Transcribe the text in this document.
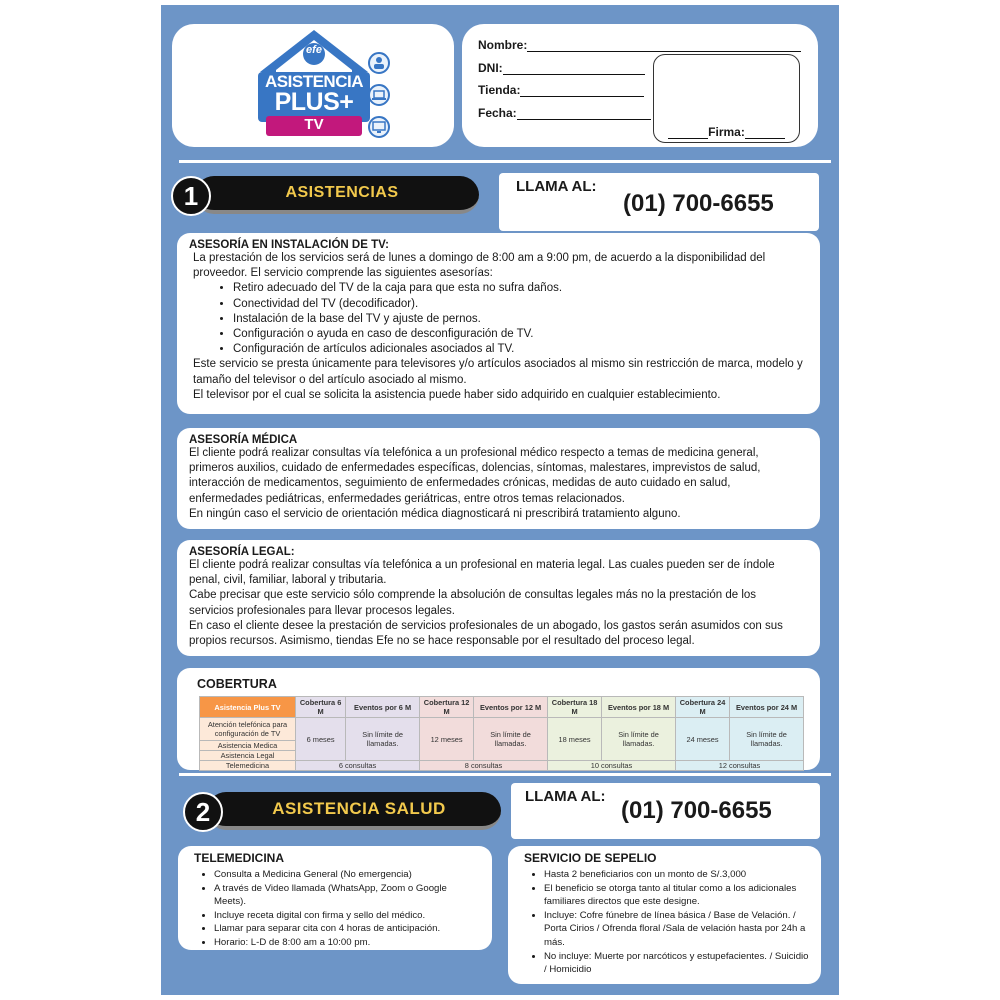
efe
ASISTENCIA
PLUS+
TV
Nombre:
DNI:
Tienda:
Fecha:
Firma:
1	ASISTENCIAS	LLAMA AL:
(01) 700-6655
ASESORÍA EN INSTALACIÓN DE TV:

La prestación de los servicios será de lunes a domingo de 8:00 am a 9:00 pm, de acuerdo a la disponibilidad del proveedor. El servicio comprende las siguientes asesorías:

• Retiro adecuado del TV de la caja para que esta no sufra daños.
• Conectividad del TV (decodificador).
• Instalación de la base del TV y ajuste de pernos.
• Configuración o ayuda en caso de desconfiguración de TV.
• Configuración de artículos adicionales asociados al TV.

Este servicio se presta únicamente para televisores y/o artículos asociados al mismo sin restricción de marca, modelo y tamaño del televisor o del artículo asociado al mismo.

El televisor por el cual se solicita la asistencia puede haber sido adquirido en cualquier establecimiento.

ASESORÍA MÉDICA

El cliente podrá realizar consultas vía telefónica a un profesional médico respecto a temas de medicina general, primeros auxilios, cuidado de enfermedades específicas, dolencias, síntomas, malestares, imprevistos de salud, interacción de medicamentos, seguimiento de enfermedades crónicas, medidas de auto cuidado en salud, enfermedades pediátricas, enfermedades geriátricas, entre otros temas relacionados.

En ningún caso el servicio de orientación médica diagnosticará ni prescribirá tratamiento alguno.

ASESORÍA LEGAL:

El cliente podrá realizar consultas vía telefónica a un profesional en materia legal. Las cuales pueden ser de índole penal, civil, familiar, laboral y tributaria.

Cabe precisar que este servicio sólo comprende la absolución de consultas legales más no la prestación de los servicios profesionales para llevar procesos legales.

En caso el cliente desee la prestación de servicios profesionales de un abogado, los gastos serán asumidos con sus propios recursos. Asimismo, tiendas Efe no se hace responsable por el resultado del proceso legal.

COBERTURA
Asistencia Plus TV	Cobertura 6 M	Eventos por 6 M	Cobertura 12 M	Eventos por 12 M	Cobertura 18 M	Eventos por 18 M	Cobertura 24 M	Eventos por 24 M
Atención telefónica para configuración de TV	6 meses	Sin límite de llamadas.	12 meses	Sin límite de llamadas.	18 meses	Sin límite de llamadas.	24 meses	Sin límite de llamadas.
Asistencia Medica								
Asistencia Legal								
Telemedicina	6 consultas		8 consultas		10 consultas		12 consultas	
2	ASISTENCIA SALUD
LLAMA AL:
(01) 700-6655
TELEMEDICINA
• Consulta a Medicina General (No emergencia)
• A través de Video llamada (WhatsApp, Zoom o Google Meets).
• Incluye receta digital con firma y sello del médico.
• Llamar para separar cita con 4 horas de anticipación.
• Horario: L-D de 8:00 am a 10:00 pm.
SERVICIO DE SEPELIO
• Hasta 2 beneficiarios con un monto de S/.3,000
• El beneficio se otorga tanto al titular como a los adicionales familiares directos que este designe.
• Incluye: Cofre fúnebre de línea básica / Base de Velación. / Porta Cirios / Ofrenda floral /Sala de velación hasta por 24h a más.
• No incluye: Muerte por narcóticos y estupefacientes. / Suicidio / Homicidio
